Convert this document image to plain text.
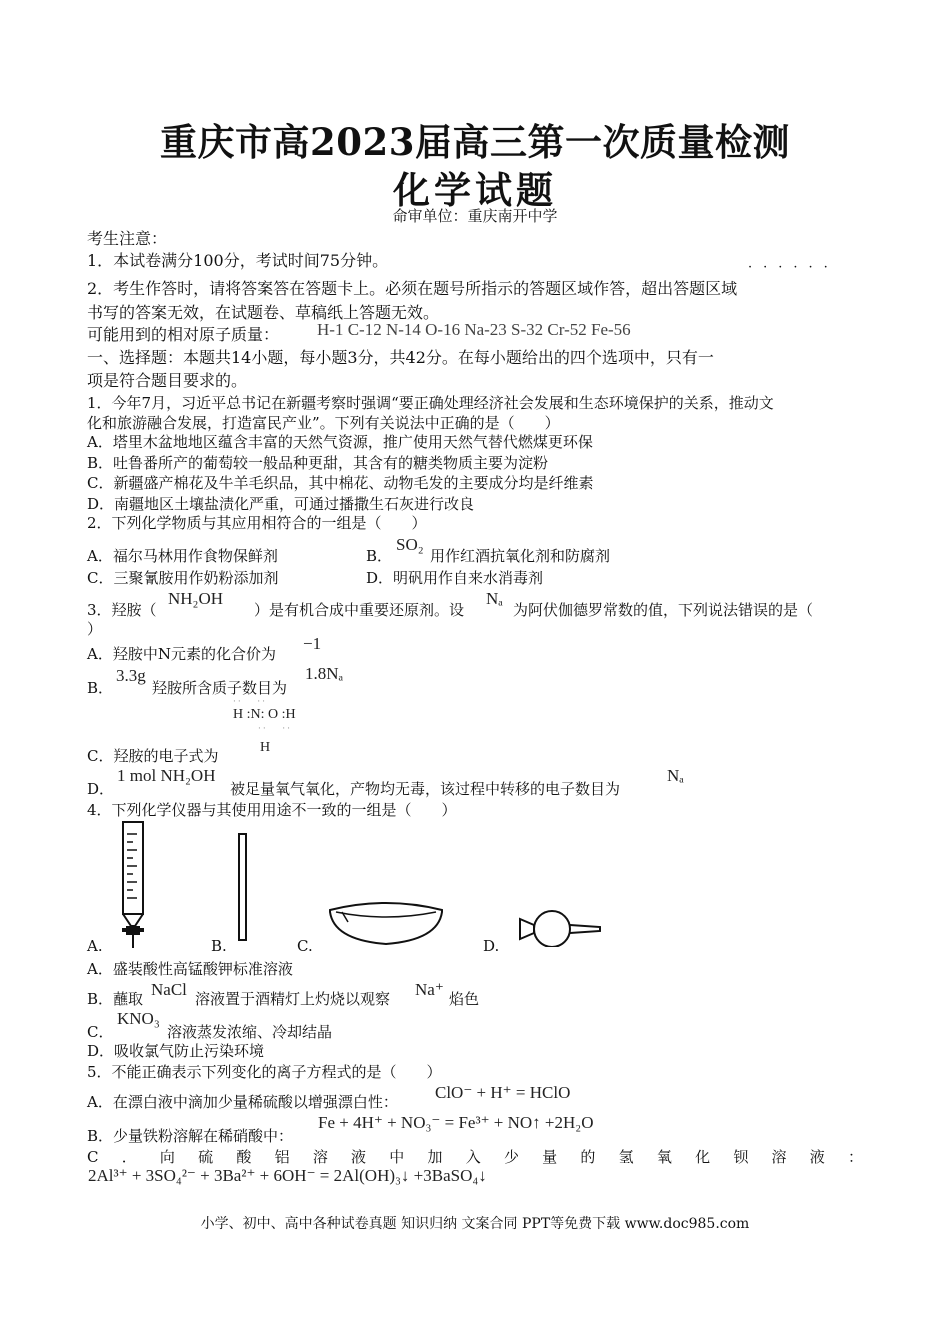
重庆市高2023届高三第一次质量检测
化学试题
命审单位：重庆南开中学
考生注意：
1．本试卷满分100分，考试时间75分钟。	······
2．考生作答时，请将答案答在答题卡上。必须在题号所指示的答题区域作答，超出答题区域
书写的答案无效，在试题卷、草稿纸上答题无效。
可能用到的相对原子质量： H-1 C-12 N-14 O-16 Na-23 S-32 Cr-52 Fe-56
一、选择题：本题共14小题，每小题3分，共42分。在每小题给出的四个选项中，只有一
项是符合题目要求的。
1．今年7月，习近平总书记在新疆考察时强调“要正确处理经济社会发展和生态环境保护的关系，推动文
化和旅游融合发展，打造富民产业”。下列有关说法中正确的是（　　）
A．塔里木盆地地区蕴含丰富的天然气资源，推广使用天然气替代燃煤更环保
B．吐鲁番所产的葡萄较一般品种更甜，其含有的糖类物质主要为淀粉
C．新疆盛产棉花及牛羊毛织品，其中棉花、动物毛发的主要成分均是纤维素
D．南疆地区土壤盐渍化严重，可通过播撒生石灰进行改良
2．下列化学物质与其应用相符合的一组是（　　）
A．福尔马林用作食物保鲜剂	B．
SO₂
用作红酒抗氧化剂和防腐剂
C．三聚氰胺用作奶粉添加剂	D．明矾用作自来水消毒剂
3．羟胺（
NH₂OH
）是有机合成中重要还原剂。设
Nₐ
为阿伏伽德罗常数的值，下列说法错误的是（
）
A．羟胺中N元素的化合价为
−1
B．
3.3g
羟胺所含质子数目为
1.8Nₐ
··   ··
H :N: O :H
··   ··
H
C．羟胺的电子式为
D．
1 mol NH₂OH
被足量氧气氧化，产物均无毒，该过程中转移的电子数目为
Nₐ
4．下列化学仪器与其使用用途不一致的一组是（　　）
A.	B.	C.	D.
A．盛装酸性高锰酸钾标准溶液
B．蘸取 NaCl 溶液置于酒精灯上灼烧以观察 Na⁺ 焰色
C．
KNO₃
溶液蒸发浓缩、冷却结晶
D．吸收氯气防止污染环境
5．不能正确表示下列变化的离子方程式的是（　　）
A．在漂白液中滴加少量稀硫酸以增强漂白性： ClO⁻ + H⁺ = HClO
B．少量铁粉溶解在稀硝酸中：
Fe + 4H⁺ + NO₃⁻ = Fe³⁺ + NO↑ +2H₂O
C．向硫酸铝溶液中加入少量的氢氧化钡溶液：
2Al³⁺ + 3SO₄²⁻ + 3Ba²⁺ + 6OH⁻ = 2Al(OH)₃↓ +3BaSO₄↓
小学、初中、高中各种试卷真题 知识归纳 文案合同 PPT等免费下载 www.doc985.com
